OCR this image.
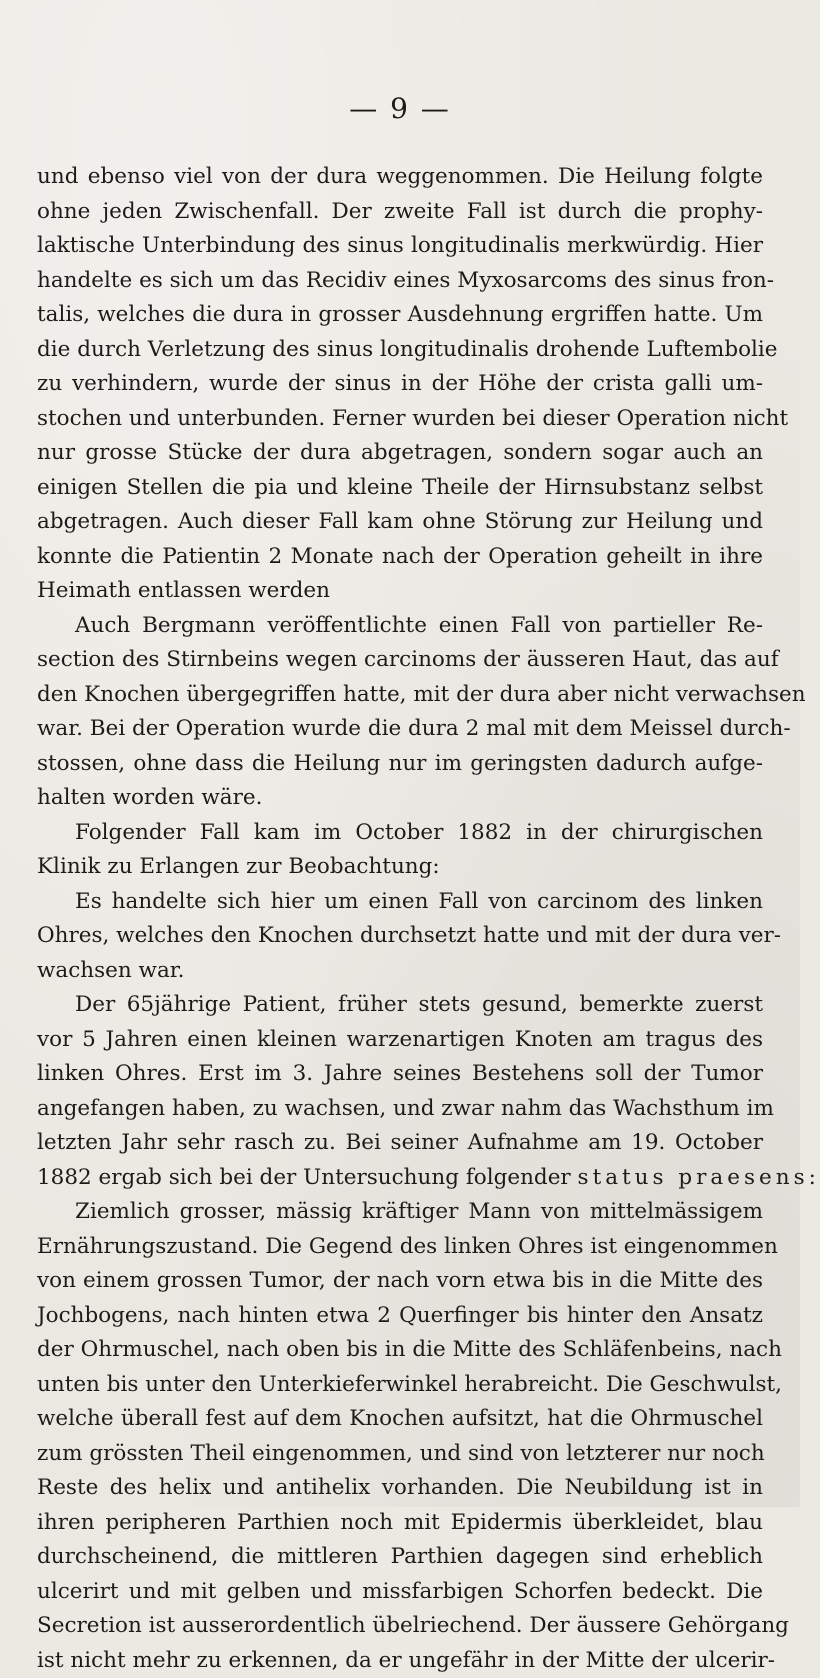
— 9 —
und ebenso viel von der dura weggenommen. Die Heilung folgte
ohne jeden Zwischenfall. Der zweite Fall ist durch die prophy-
laktische Unterbindung des sinus longitudinalis merkwürdig. Hier
handelte es sich um das Recidiv eines Myxosarcoms des sinus fron-
talis, welches die dura in grosser Ausdehnung ergriffen hatte. Um
die durch Verletzung des sinus longitudinalis drohende Luftembolie
zu verhindern, wurde der sinus in der Höhe der crista galli um-
stochen und unterbunden. Ferner wurden bei dieser Operation nicht
nur grosse Stücke der dura abgetragen, sondern sogar auch an
einigen Stellen die pia und kleine Theile der Hirnsubstanz selbst
abgetragen. Auch dieser Fall kam ohne Störung zur Heilung und
konnte die Patientin 2 Monate nach der Operation geheilt in ihre
Heimath entlassen werden
Auch Bergmann veröffentlichte einen Fall von partieller Re-
section des Stirnbeins wegen carcinoms der äusseren Haut, das auf
den Knochen übergegriffen hatte, mit der dura aber nicht verwachsen
war. Bei der Operation wurde die dura 2 mal mit dem Meissel durch-
stossen, ohne dass die Heilung nur im geringsten dadurch aufge-
halten worden wäre.
Folgender Fall kam im October 1882 in der chirurgischen
Klinik zu Erlangen zur Beobachtung:
Es handelte sich hier um einen Fall von carcinom des linken
Ohres, welches den Knochen durchsetzt hatte und mit der dura ver-
wachsen war.
Der 65jährige Patient, früher stets gesund, bemerkte zuerst
vor 5 Jahren einen kleinen warzenartigen Knoten am tragus des
linken Ohres. Erst im 3. Jahre seines Bestehens soll der Tumor
angefangen haben, zu wachsen, und zwar nahm das Wachsthum im
letzten Jahr sehr rasch zu. Bei seiner Aufnahme am 19. October
1882 ergab sich bei der Untersuchung folgender status praesens:
Ziemlich grosser, mässig kräftiger Mann von mittelmässigem
Ernährungszustand. Die Gegend des linken Ohres ist eingenommen
von einem grossen Tumor, der nach vorn etwa bis in die Mitte des
Jochbogens, nach hinten etwa 2 Querfinger bis hinter den Ansatz
der Ohrmuschel, nach oben bis in die Mitte des Schläfenbeins, nach
unten bis unter den Unterkieferwinkel herabreicht. Die Geschwulst,
welche überall fest auf dem Knochen aufsitzt, hat die Ohrmuschel
zum grössten Theil eingenommen, und sind von letzterer nur noch
Reste des helix und antihelix vorhanden. Die Neubildung ist in
ihren peripheren Parthien noch mit Epidermis überkleidet, blau
durchscheinend, die mittleren Parthien dagegen sind erheblich
ulcerirt und mit gelben und missfarbigen Schorfen bedeckt. Die
Secretion ist ausserordentlich übelriechend. Der äussere Gehörgang
ist nicht mehr zu erkennen, da er ungefähr in der Mitte der ulcerir-
